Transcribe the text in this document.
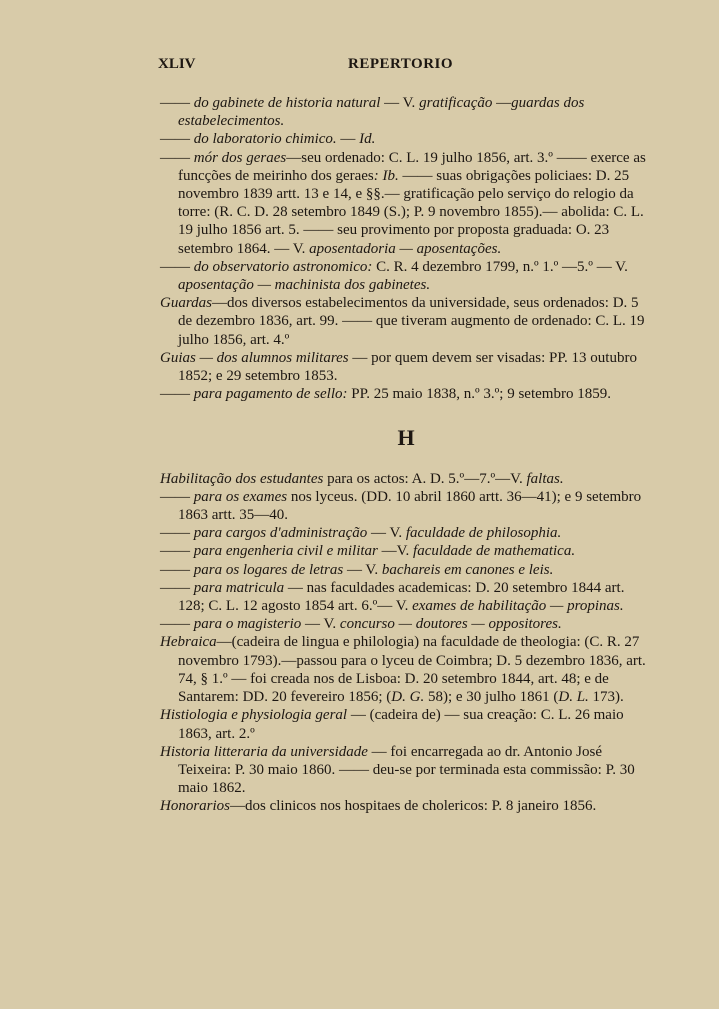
XLIV	REPERTORIO

—— do gabinete de historia natural — V. gratificação —guardas dos estabelecimentos.

—— do laboratorio chimico. — Id.

—— mór dos geraes—seu ordenado: C. L. 19 julho 1856, art. 3.º —— exerce as funcções de meirinho dos geraes: Ib. —— suas obrigações policiaes: D. 25 novembro 1839 artt. 13 e 14, e §§.— gratificação pelo serviço do relogio da torre: (R. C. D. 28 setembro 1849 (S.); P. 9 novembro 1855).— abolida: C. L. 19 julho 1856 art. 5. —— seu provimento por proposta graduada: O. 23 setembro 1864. — V. aposentadoria — aposentações.

—— do observatorio astronomico: C. R. 4 dezembro 1799, n.º 1.º —5.º — V. aposentação — machinista dos gabinetes.

Guardas—dos diversos estabelecimentos da universidade, seus ordenados: D. 5 de dezembro 1836, art. 99. —— que tiveram augmento de ordenado: C. L. 19 julho 1856, art. 4.º

Guias — dos alumnos militares — por quem devem ser visadas: PP. 13 outubro 1852; e 29 setembro 1853.

—— para pagamento de sello: PP. 25 maio 1838, n.º 3.º; 9 setembro 1859.

H

Habilitação dos estudantes para os actos: A. D. 5.º—7.º—V. faltas.

—— para os exames nos lyceus. (DD. 10 abril 1860 artt. 36—41); e 9 setembro 1863 artt. 35—40.

—— para cargos d'administração — V. faculdade de philosophia.

—— para engenheria civil e militar —V. faculdade de mathematica.

—— para os logares de letras — V. bachareis em canones e leis.

—— para matricula — nas faculdades academicas: D. 20 setembro 1844 art. 128; C. L. 12 agosto 1854 art. 6.º— V. exames de habilitação — propinas.

—— para o magisterio — V. concurso — doutores — oppositores.

Hebraica—(cadeira de lingua e philologia) na faculdade de theologia: (C. R. 27 novembro 1793).—passou para o lyceu de Coimbra; D. 5 dezembro 1836, art. 74, § 1.º — foi creada nos de Lisboa: D. 20 setembro 1844, art. 48; e de Santarem: DD. 20 fevereiro 1856; (D. G. 58); e 30 julho 1861 (D. L. 173).

Histiologia e physiologia geral — (cadeira de) — sua creação: C. L. 26 maio 1863, art. 2.º

Historia litteraria da universidade — foi encarregada ao dr. Antonio José Teixeira: P. 30 maio 1860. —— deu-se por terminada esta commissão: P. 30 maio 1862.

Honorarios—dos clinicos nos hospitaes de cholericos: P. 8 janeiro 1856.
